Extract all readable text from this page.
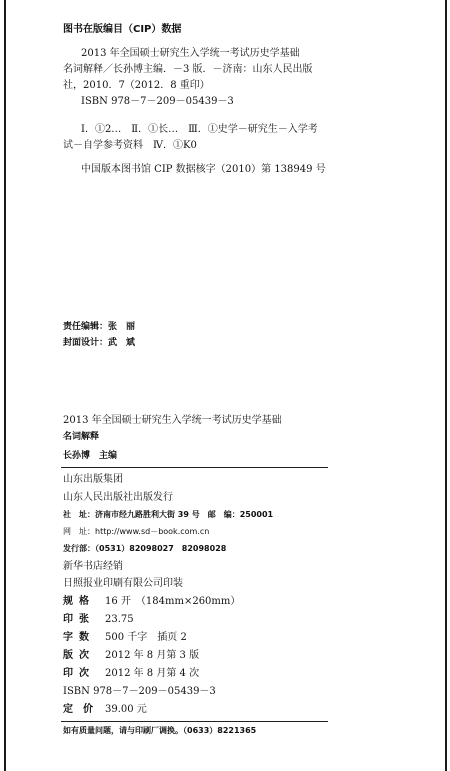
图书在版编目（CIP）数据
2013 年全国硕士研究生入学统一考试历史学基础
名词解释／长孙博主编．－3 版．－济南：山东人民出版
社，2010．7（2012．8 重印）
ISBN 978－7－209－05439－3
Ⅰ．①2…　Ⅱ．①长…　Ⅲ．①史学－研究生－入学考
试－自学参考资料　Ⅳ．①K0
中国版本图书馆 CIP 数据核字（2010）第 138949 号
责任编辑：张　丽
封面设计：武　斌
2013 年全国硕士研究生入学统一考试历史学基础
名词解释
长孙博　主编
山东出版集团
山东人民出版社出版发行
社　址：济南市经九路胜利大街 39 号　邮　编：250001
网　址：http://www.sd－book.com.cn
发行部：（0531）82098027　82098028
新华书店经销
日照报业印刷有限公司印装
规格 16 开　（184mm×260mm）
印张 23.75
字数 500 千字　插页 2
版次 2012 年 8 月第 3 版
印次 2012 年 8 月第 4 次
ISBN 978－7－209－05439－3
定　价 39.00 元
如有质量问题，请与印刷厂调换。（0633）8221365
